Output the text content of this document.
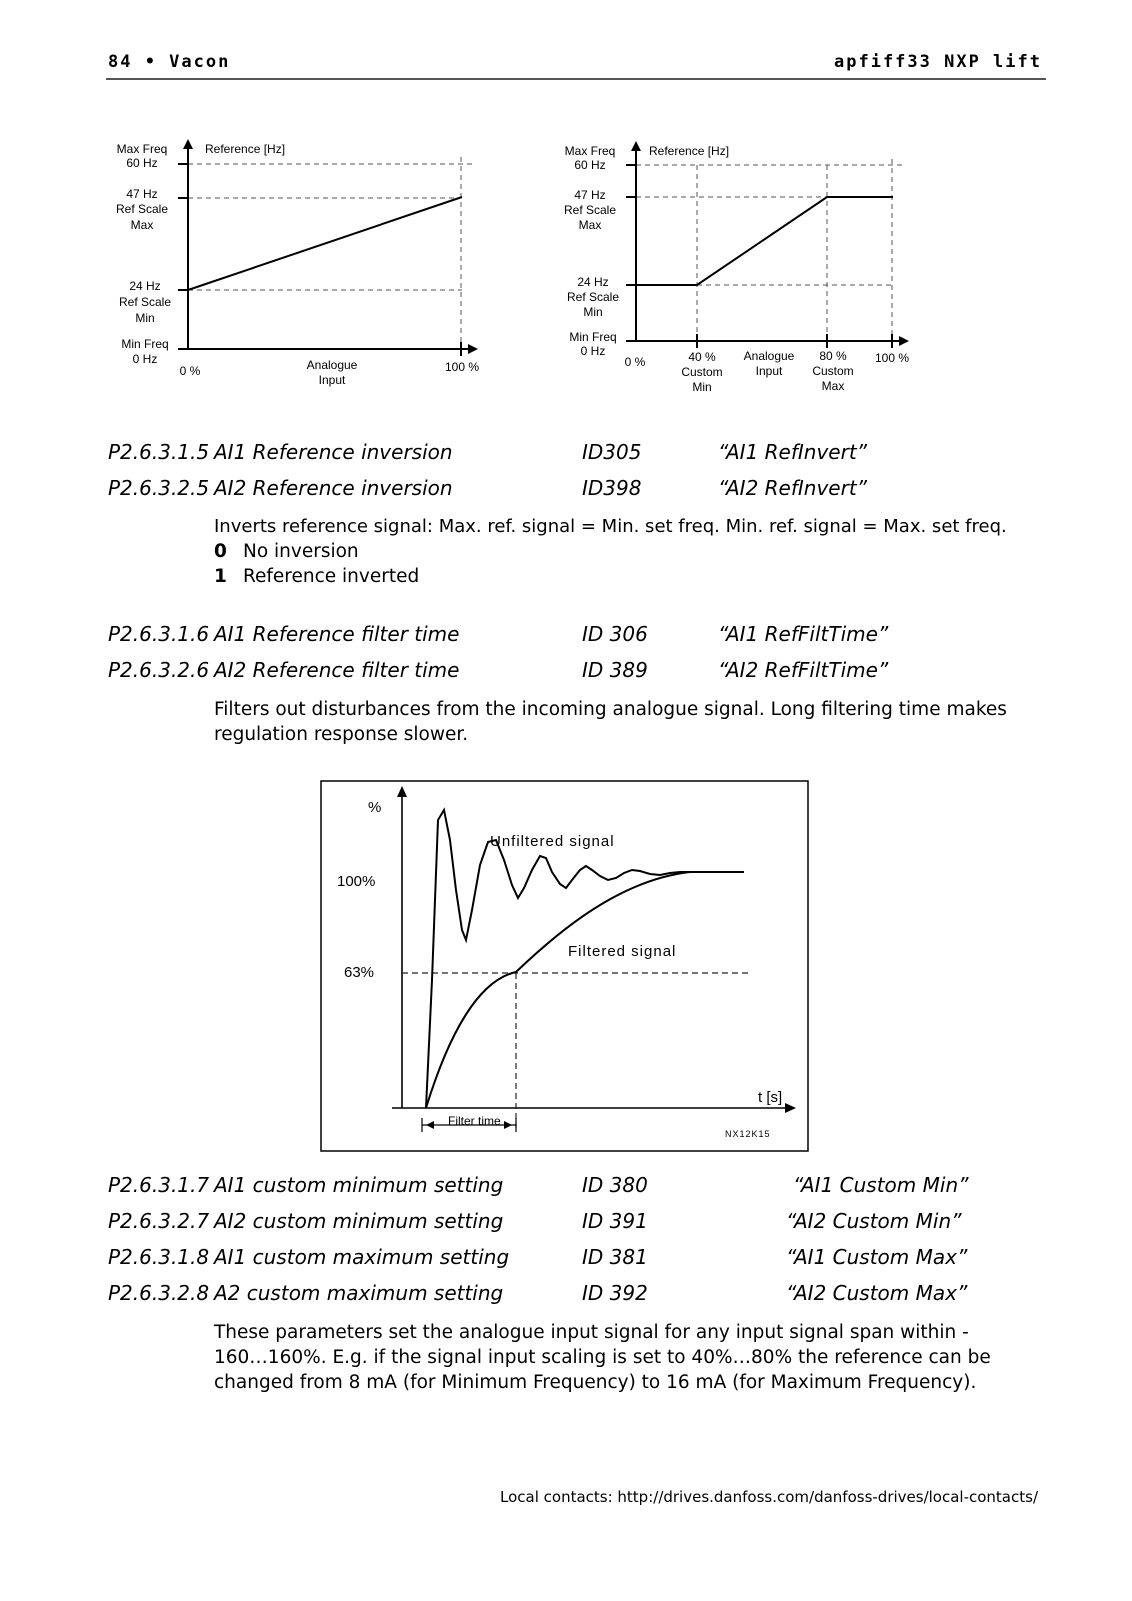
84 • Vacon	apfiff33 NXP lift
Max Freq
60 Hz
47 Hz
Ref Scale
Max
24 Hz
Ref Scale
Min
Min Freq
0 Hz
0 %	Analogue
Input
100 %
Reference [Hz]	Max Freq
60 Hz
47 Hz
Ref Scale
Max
24 Hz
Ref Scale
Min
Min Freq
0 Hz
0 %	40 %
Custom
Min
Analogue
Input
80 %
Custom
Max
100 %
Reference [Hz]
P2.6.3.1.5 AI1 Reference inversion	ID305	“AI1 RefInvert”
P2.6.3.2.5 AI2 Reference inversion	ID398	“AI2 RefInvert”
Inverts reference signal: Max. ref. signal = Min. set freq. Min. ref. signal = Max. set freq.
0 No inversion
1 Reference inverted
P2.6.3.1.6 AI1 Reference filter time	ID 306	“AI1 RefFiltTime”
P2.6.3.2.6 AI2 Reference filter time	ID 389	“AI2 RefFiltTime”
Filters out disturbances from the incoming analogue signal. Long filtering time makes
regulation response slower.
%
100%
63%
Unfiltered signal
Filtered signal
t [s]
Filter time
NX12K15
P2.6.3.1.7 AI1 custom minimum setting	ID 380	“AI1 Custom Min”
P2.6.3.2.7 AI2 custom minimum setting	ID 391	“AI2 Custom Min”
P2.6.3.1.8 AI1 custom maximum setting	ID 381	“AI1 Custom Max”
P2.6.3.2.8 A2 custom maximum setting	ID 392	“AI2 Custom Max”
These parameters set the analogue input signal for any input signal span within -
160…160%. E.g. if the signal input scaling is set to 40%…80% the reference can be
changed from 8 mA (for Minimum Frequency) to 16 mA (for Maximum Frequency).
Local contacts: http://drives.danfoss.com/danfoss-drives/local-contacts/
